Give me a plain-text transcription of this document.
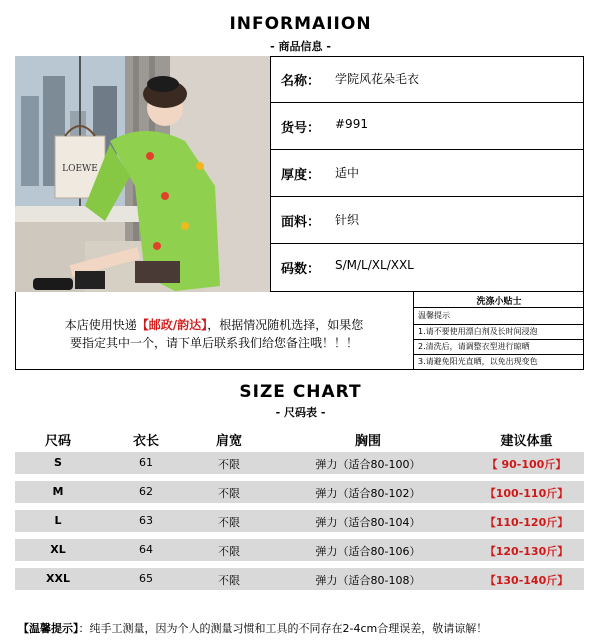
INFORMAIION
- 商品信息 -
LOEWE
名称： 学院风花朵毛衣
货号： #991
厚度： 适中
面料： 针织
码数： S/M/L/XL/XXL
本店使用快递【邮政/韵达】，根据情况随机选择，如果您
要指定其中一个，请下单后联系我们给您备注哦！！！
洗涤小贴士
温馨提示
1.请不要使用漂白剂及长时间浸泡
2.清洗后，请调整衣型进行晾晒
3.请避免阳光直晒，以免出现变色
SIZE CHART
- 尺码表 -
尺码	衣长	肩宽	胸围	建议体重
S	61	不限	弹力（适合80-100）	【 90-100斤】
M	62	不限	弹力（适合80-102）	【100-110斤】
L	63	不限	弹力（适合80-104）	【110-120斤】
XL	64	不限	弹力（适合80-106）	【120-130斤】
XXL	65	不限	弹力（适合80-108）	【130-140斤】
【温馨提示】：纯手工测量，因为个人的测量习惯和工具的不同存在2-4cm合理误差，敬请谅解！
